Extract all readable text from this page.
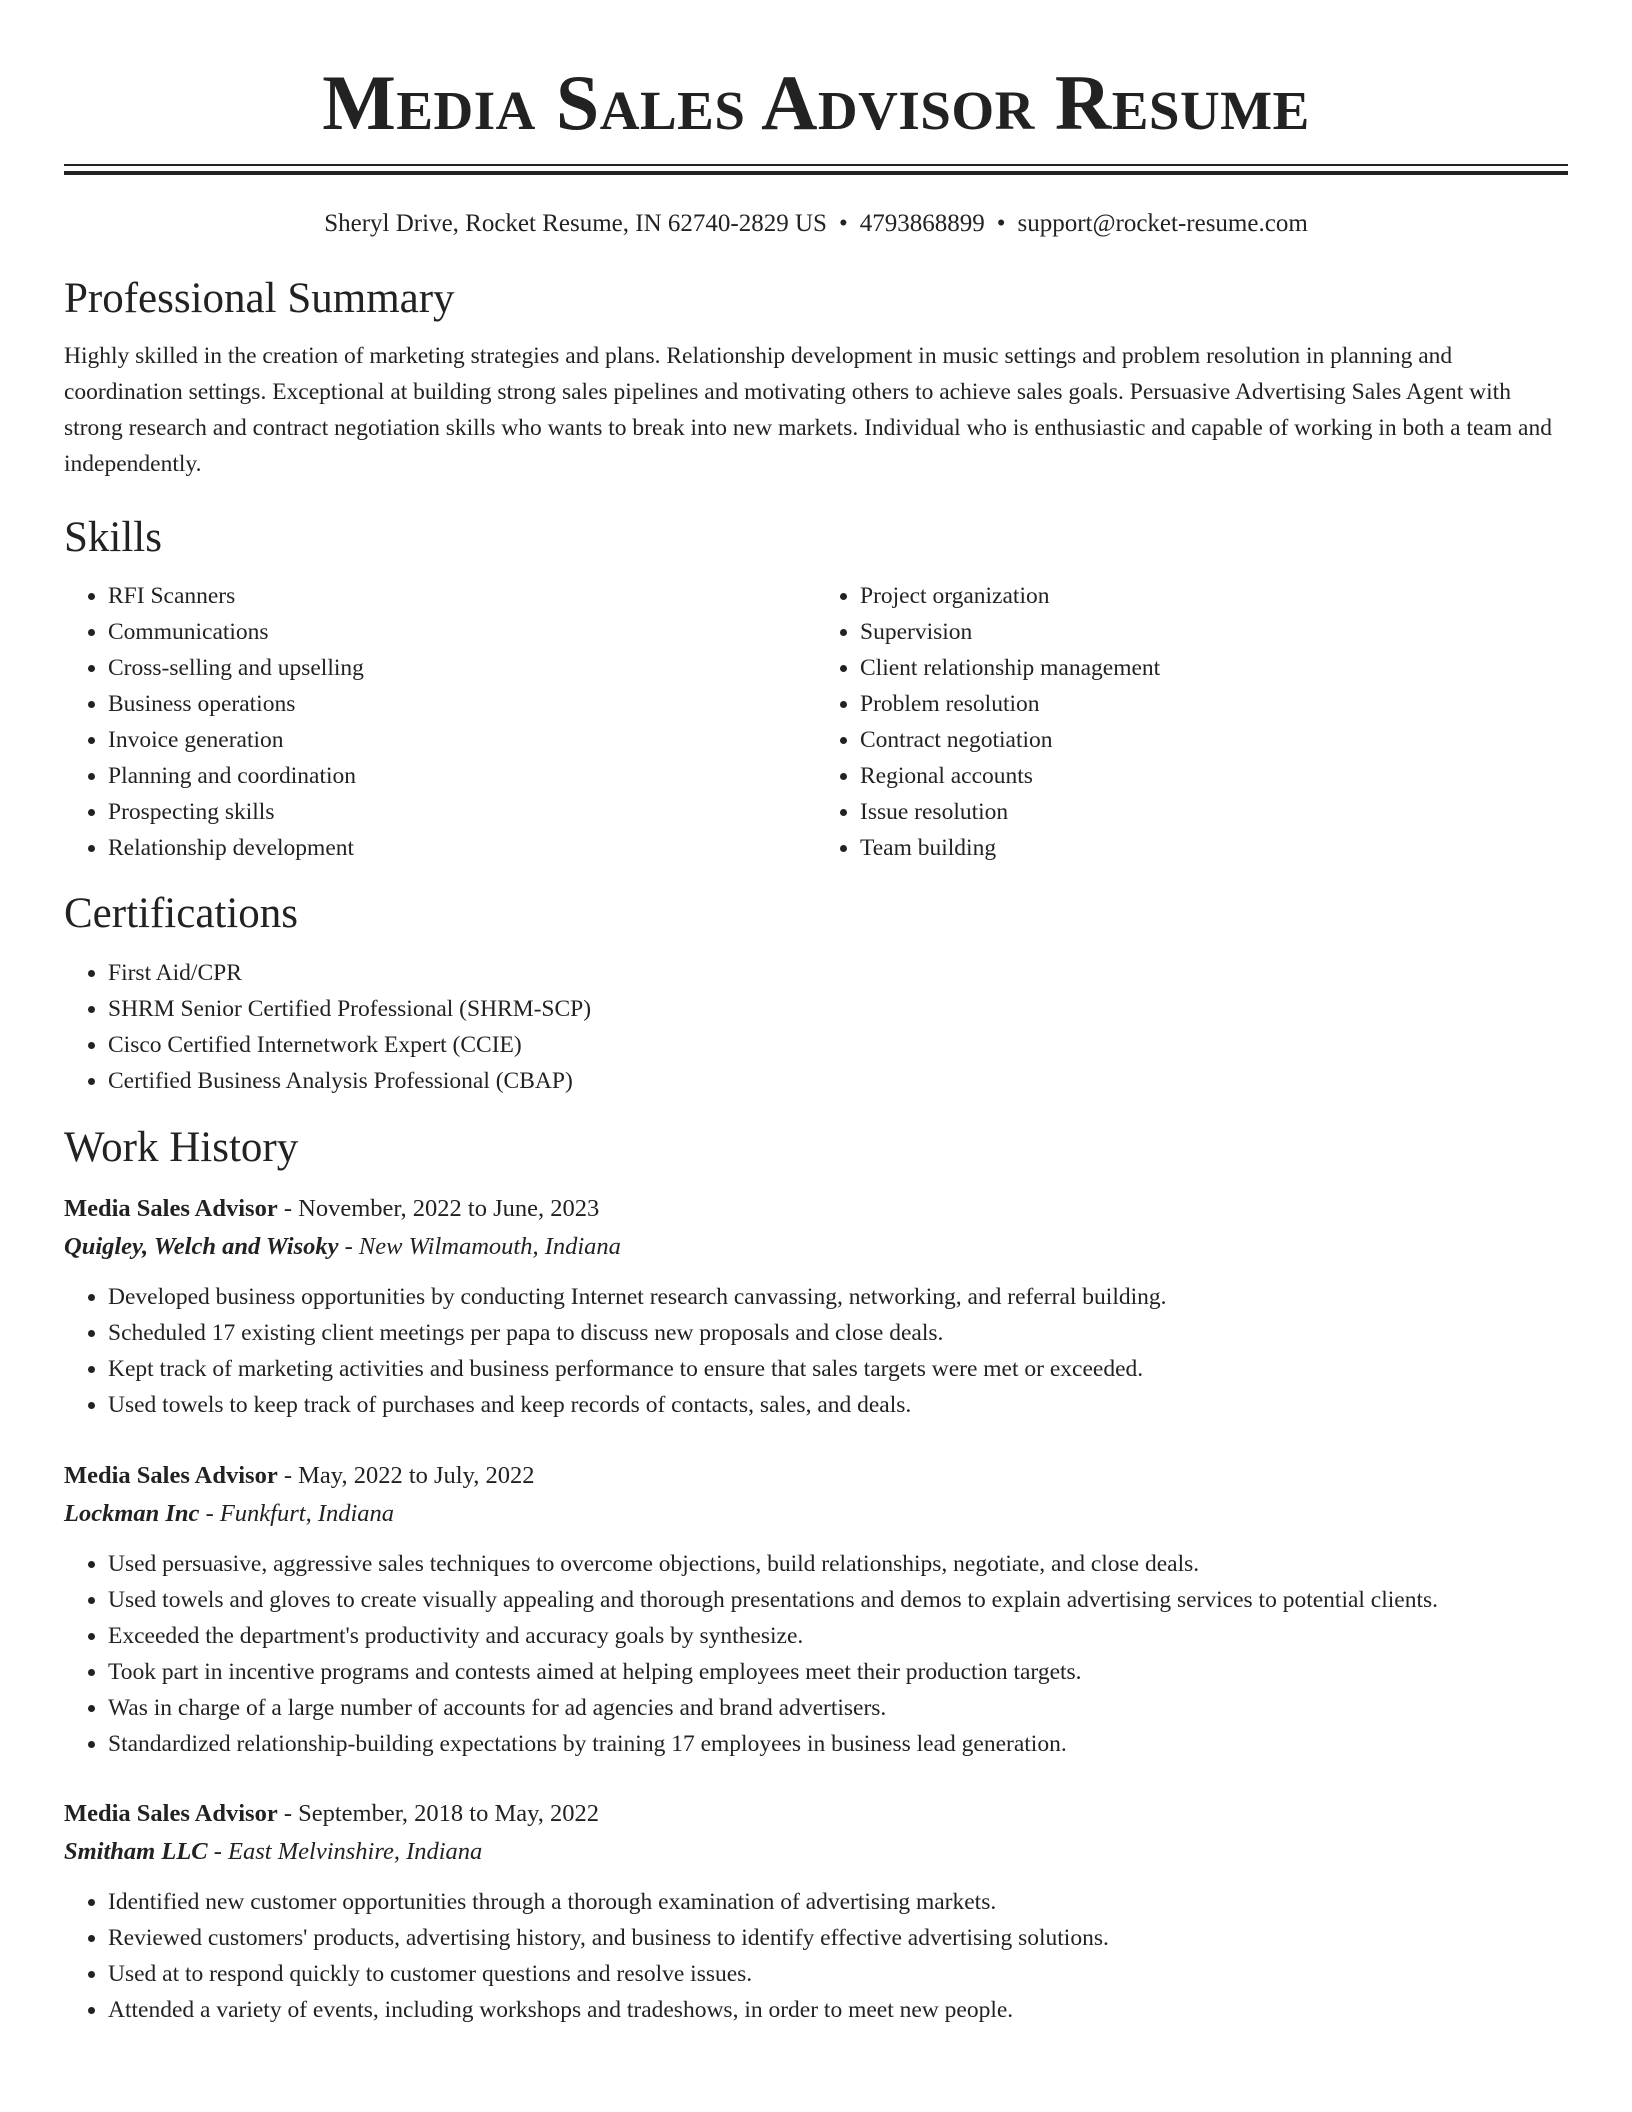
Media Sales Advisor Resume
Sheryl Drive, Rocket Resume, IN 62740-2829 US • 4793868899 • support@rocket-resume.com
Professional Summary

Highly skilled in the creation of marketing strategies and plans. Relationship development in music settings and problem resolution in planning and coordination settings. Exceptional at building strong sales pipelines and motivating others to achieve sales goals. Persuasive Advertising Sales Agent with strong research and contract negotiation skills who wants to break into new markets. Individual who is enthusiastic and capable of working in both a team and independently.

Skills
• RFI Scanners
• Communications
• Cross-selling and upselling
• Business operations
• Invoice generation
• Planning and coordination
• Prospecting skills
• Relationship development
• Project organization
• Supervision
• Client relationship management
• Problem resolution
• Contract negotiation
• Regional accounts
• Issue resolution
• Team building
Certifications
• First Aid/CPR
• SHRM Senior Certified Professional (SHRM-SCP)
• Cisco Certified Internetwork Expert (CCIE)
• Certified Business Analysis Professional (CBAP)
Work History
Media Sales Advisor - November, 2022 to June, 2023
Quigley, Welch and Wisoky - New Wilmamouth, Indiana
• Developed business opportunities by conducting Internet research canvassing, networking, and referral building.
• Scheduled 17 existing client meetings per papa to discuss new proposals and close deals.
• Kept track of marketing activities and business performance to ensure that sales targets were met or exceeded.
• Used towels to keep track of purchases and keep records of contacts, sales, and deals.
Media Sales Advisor - May, 2022 to July, 2022
Lockman Inc - Funkfurt, Indiana
• Used persuasive, aggressive sales techniques to overcome objections, build relationships, negotiate, and close deals.
• Used towels and gloves to create visually appealing and thorough presentations and demos to explain advertising services to potential clients.
• Exceeded the department's productivity and accuracy goals by synthesize.
• Took part in incentive programs and contests aimed at helping employees meet their production targets.
• Was in charge of a large number of accounts for ad agencies and brand advertisers.
• Standardized relationship-building expectations by training 17 employees in business lead generation.
Media Sales Advisor - September, 2018 to May, 2022
Smitham LLC - East Melvinshire, Indiana
• Identified new customer opportunities through a thorough examination of advertising markets.
• Reviewed customers' products, advertising history, and business to identify effective advertising solutions.
• Used at to respond quickly to customer questions and resolve issues.
• Attended a variety of events, including workshops and tradeshows, in order to meet new people.
